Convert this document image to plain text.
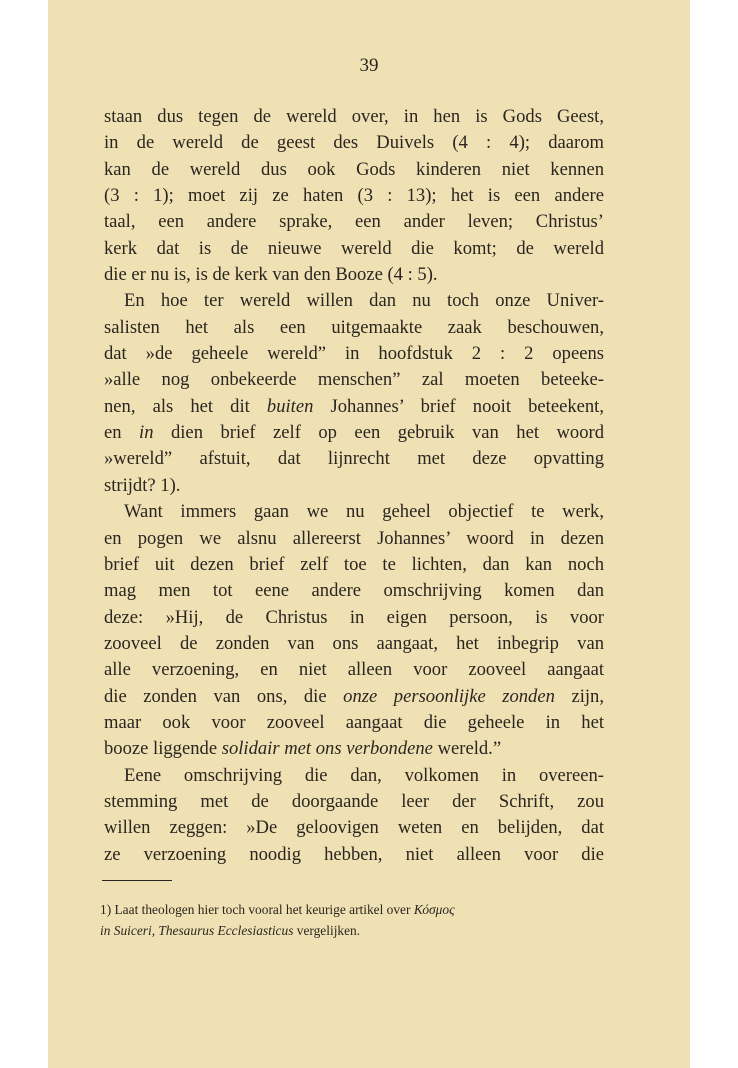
39
staan dus tegen de wereld over, in hen is Gods Geest,
in de wereld de geest des Duivels (4 : 4); daarom
kan de wereld dus ook Gods kinderen niet kennen
(3 : 1); moet zij ze haten (3 : 13); het is een andere
taal, een andere sprake, een ander leven; Christus’
kerk dat is de nieuwe wereld die komt; de wereld
die er nu is, is de kerk van den Booze (4 : 5).
En hoe ter wereld willen dan nu toch onze Univer-
salisten het als een uitgemaakte zaak beschouwen,
dat »de geheele wereld” in hoofdstuk 2 : 2 opeens
»alle nog onbekeerde menschen” zal moeten beteeke-
nen, als het dit buiten Johannes’ brief nooit beteekent,
en in dien brief zelf op een gebruik van het woord
»wereld” afstuit, dat lijnrecht met deze opvatting
strijdt? 1).
Want immers gaan we nu geheel objectief te werk,
en pogen we alsnu allereerst Johannes’ woord in dezen
brief uit dezen brief zelf toe te lichten, dan kan noch
mag men tot eene andere omschrijving komen dan
deze: »Hij, de Christus in eigen persoon, is voor
zooveel de zonden van ons aangaat, het inbegrip van
alle verzoening, en niet alleen voor zooveel aangaat
die zonden van ons, die onze persoonlijke zonden zijn,
maar ook voor zooveel aangaat die geheele in het
booze liggende solidair met ons verbondene wereld.”
Eene omschrijving die dan, volkomen in overeen-
stemming met de doorgaande leer der Schrift, zou
willen zeggen: »De geloovigen weten en belijden, dat
ze verzoening noodig hebben, niet alleen voor die
1) Laat theologen hier toch vooral het keurige artikel over Κόσμος
in Suiceri, Thesaurus Ecclesiasticus vergelijken.
